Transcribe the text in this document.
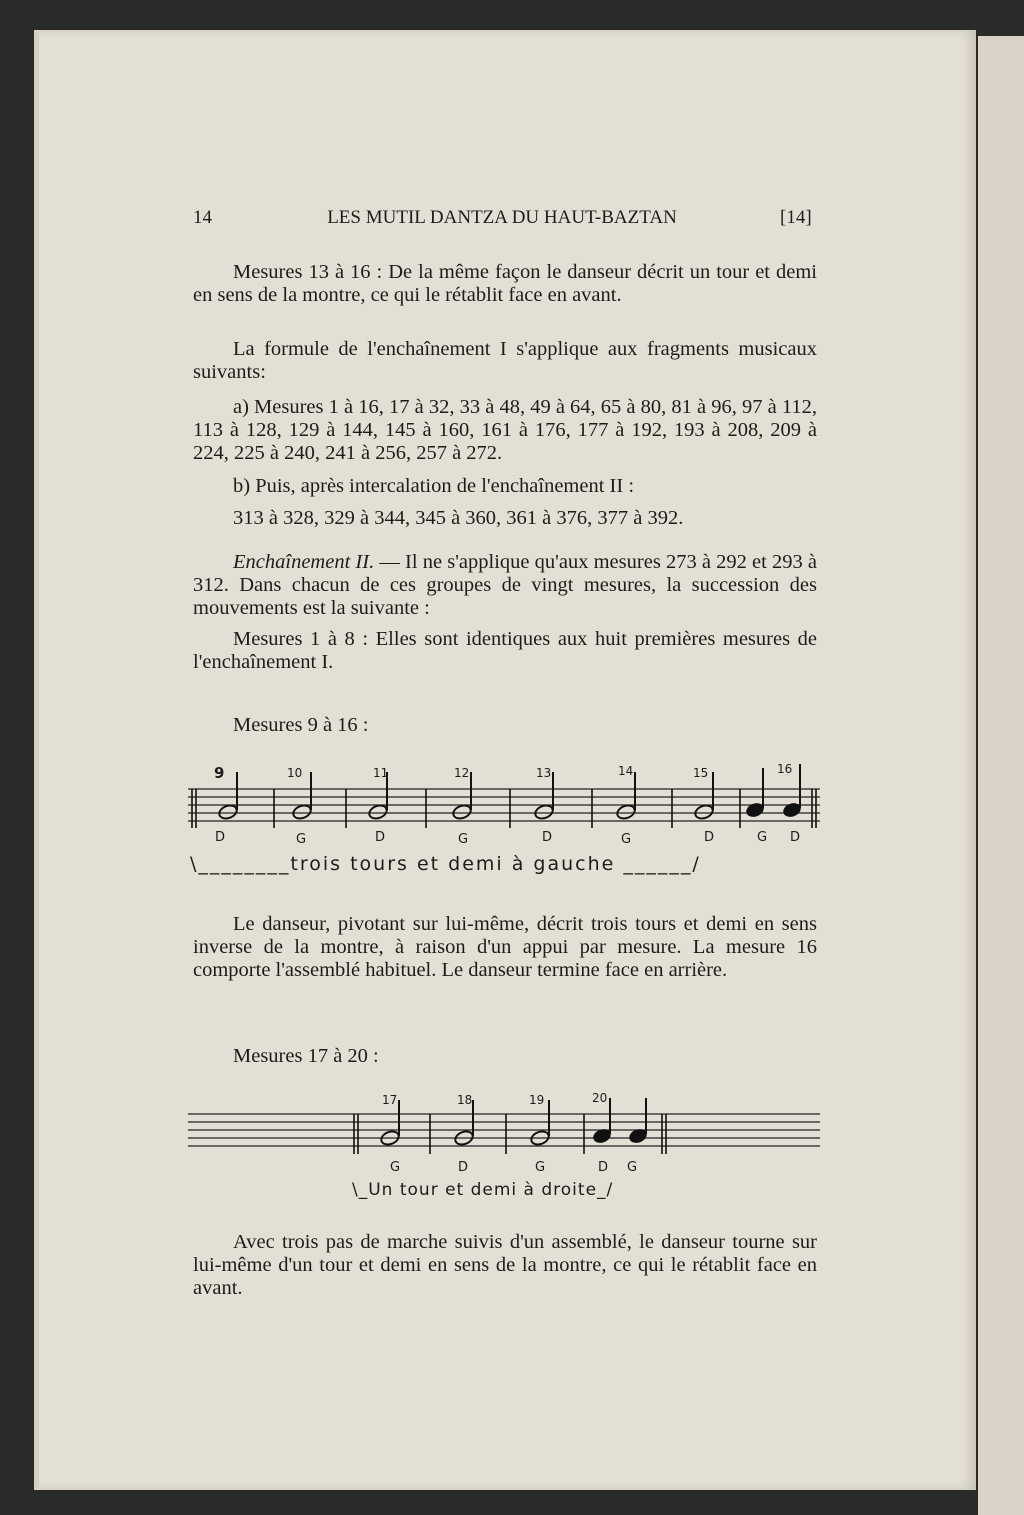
14	LES MUTIL DANTZA DU HAUT-BAZTAN	[14]
Mesures 13 à 16 : De la même façon le danseur décrit un tour et demi en sens de la montre, ce qui le rétablit face en avant.
La formule de l'enchaînement I s'applique aux fragments musicaux suivants:
a) Mesures 1 à 16, 17 à 32, 33 à 48, 49 à 64, 65 à 80, 81 à 96, 97 à 112, 113 à 128, 129 à 144, 145 à 160, 161 à 176, 177 à 192, 193 à 208, 209 à 224, 225 à 240, 241 à 256, 257 à 272.
b) Puis, après intercalation de l'enchaînement II :
313 à 328, 329 à 344, 345 à 360, 361 à 376, 377 à 392.
Enchaînement II. — Il ne s'applique qu'aux mesures 273 à 292 et 293 à 312. Dans chacun de ces groupes de vingt mesures, la succession des mouvements est la suivante :
Mesures 1 à 8 : Elles sont identiques aux huit premières mesures de l'enchaînement I.
Mesures 9 à 16 :
9	10	11	12	13	14	15	16
D	G	D	G	D	G	D	G D
\________trois tours et demi à gauche ______/
Le danseur, pivotant sur lui-même, décrit trois tours et demi en sens inverse de la montre, à raison d'un appui par mesure. La mesure 16 comporte l'assemblé habituel. Le danseur termine face en arrière.
Mesures 17 à 20 :
17	18	19	20
G	D	G	D G
\_Un tour et demi à droite_/
Avec trois pas de marche suivis d'un assemblé, le danseur tourne sur lui-même d'un tour et demi en sens de la montre, ce qui le rétablit face en avant.
